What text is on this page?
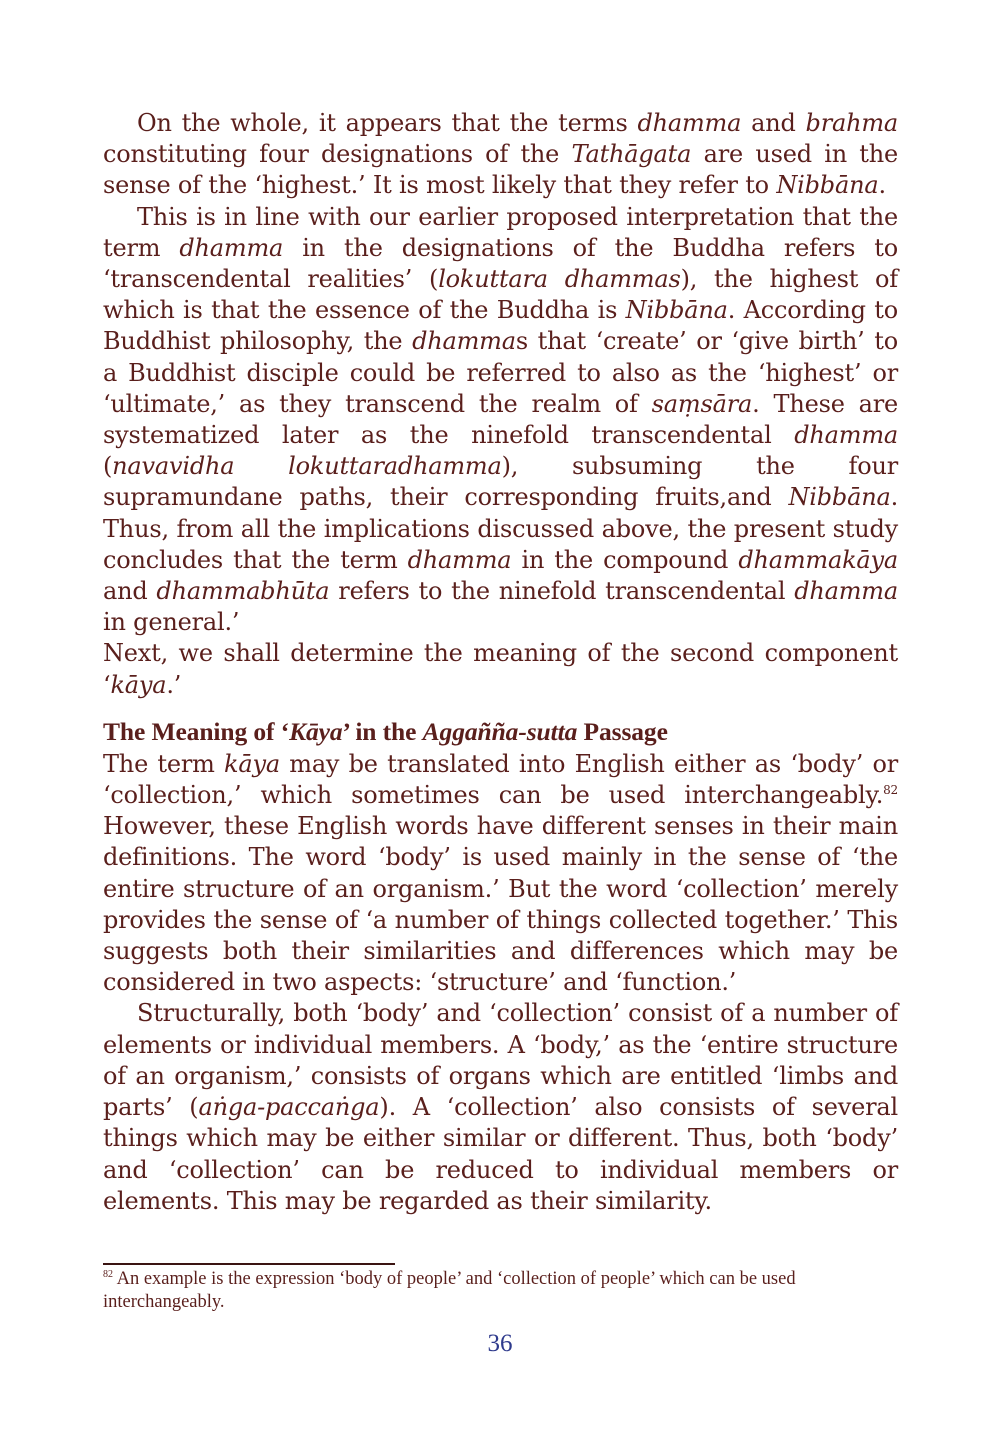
On the whole, it appears that the terms dhamma and brahma constituting four designations of the Tathāgata are used in the sense of the ‘highest.’ It is most likely that they refer to Nibbāna.

This is in line with our earlier proposed interpretation that the term dhamma in the designations of the Buddha refers to ‘transcendental realities’ (lokuttara dhammas), the highest of which is that the essence of the Buddha is Nibbāna. According to Buddhist philosophy, the dhammas that ‘create’ or ‘give birth’ to a Buddhist disciple could be referred to also as the ‘highest’ or ‘ultimate,’ as they transcend the realm of saṃsāra. These are systematized later as the ninefold transcendental dhamma (navavidha lokuttaradhamma), subsuming the four supramundane paths, their corresponding fruits,and Nibbāna. Thus, from all the implications discussed above, the present study concludes that the term dhamma in the compound dhammakāya and dhammabhūta refers to the ninefold transcendental dhamma in general.’

Next, we shall determine the meaning of the second component ‘kāya.’

The Meaning of ‘Kāya’ in the Aggañña-sutta Passage

The term kāya may be translated into English either as ‘body’ or ‘collection,’ which sometimes can be used interchangeably.$^{82}$ However, these English words have different senses in their main definitions. The word ‘body’ is used mainly in the sense of ‘the entire structure of an organism.’ But the word ‘collection’ merely provides the sense of ‘a number of things collected together.’ This suggests both their similarities and differences which may be considered in two aspects: ‘structure’ and ‘function.’

Structurally, both ‘body’ and ‘collection’ consist of a number of elements or individual members. A ‘body,’ as the ‘entire structure of an organism,’ consists of organs which are entitled ‘limbs and parts’ (aṅga-paccaṅga). A ‘collection’ also consists of several things which may be either similar or different. Thus, both ‘body’ and ‘collection’ can be reduced to individual members or elements. This may be regarded as their similarity.

$^{82}$ An example is the expression ‘body of people’ and ‘collection of people’ which can be used interchangeably.
36
